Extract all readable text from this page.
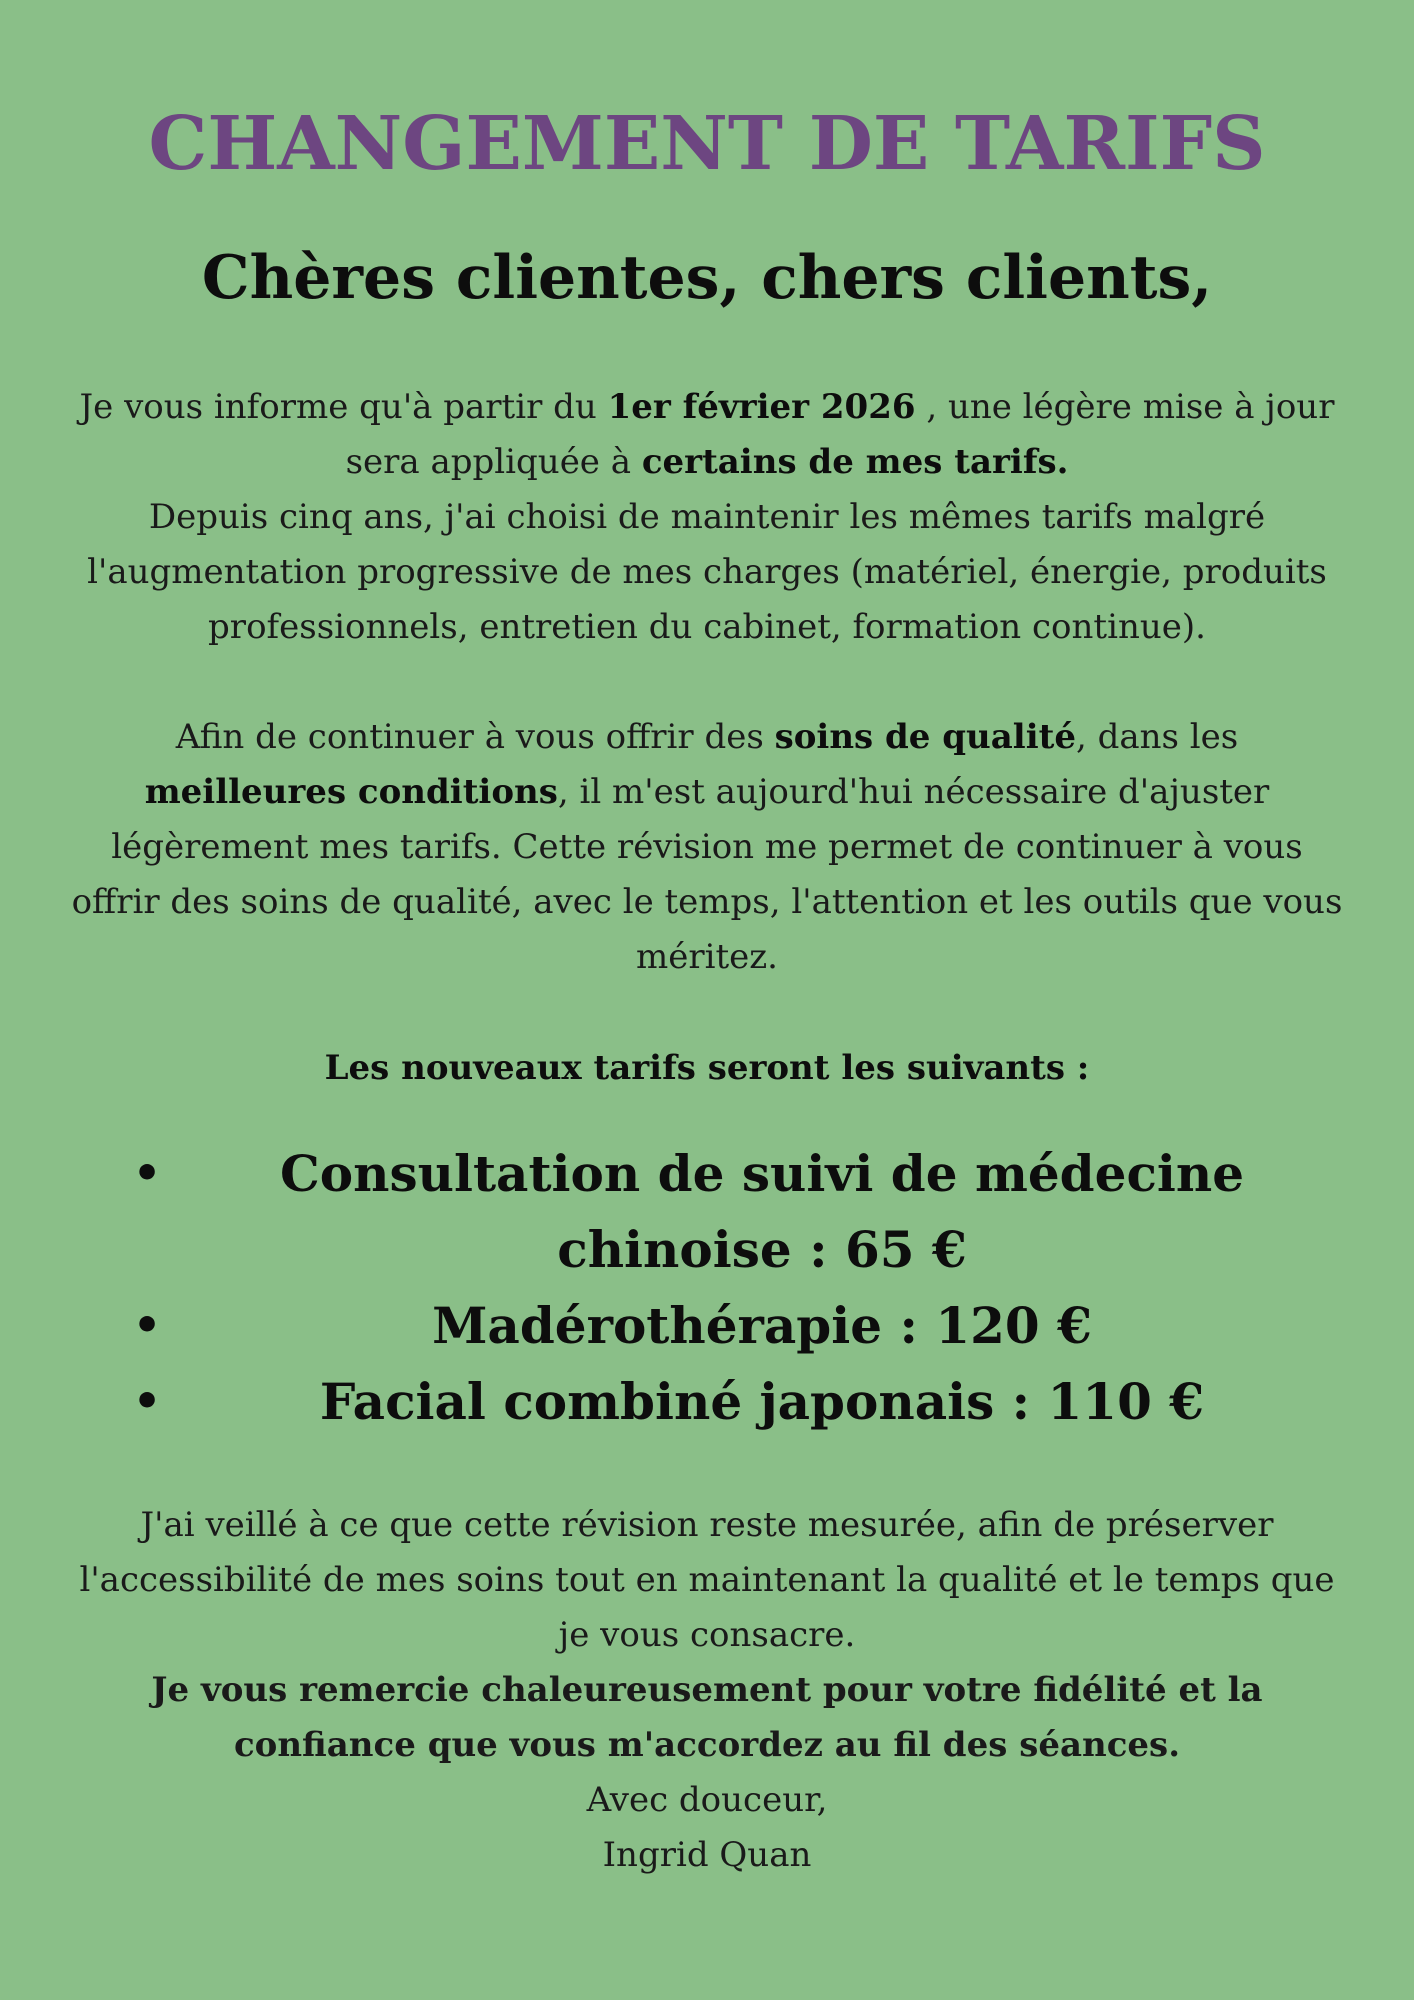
CHANGEMENT DE TARIFS
Chères clientes, chers clients,
Je vous informe qu'à partir du 1er février 2026 , une légère mise à jour sera appliquée à certains de mes tarifs.
Depuis cinq ans, j'ai choisi de maintenir les mêmes tarifs malgré l'augmentation progressive de mes charges (matériel, énergie, produits professionnels, entretien du cabinet, formation continue).
Afin de continuer à vous offrir des soins de qualité, dans les meilleures conditions, il m'est aujourd'hui nécessaire d'ajuster légèrement mes tarifs. Cette révision me permet de continuer à vous offrir des soins de qualité, avec le temps, l'attention et les outils que vous méritez.
Les nouveaux tarifs seront les suivants :
•	Consultation de suivi de médecine chinoise : 65 €
•	Madérothérapie : 120 €
•	Facial combiné japonais : 110 €
J'ai veillé à ce que cette révision reste mesurée, afin de préserver l'accessibilité de mes soins tout en maintenant la qualité et le temps que je vous consacre.
Je vous remercie chaleureusement pour votre fidélité et la confiance que vous m'accordez au fil des séances.
Avec douceur,
Ingrid Quan
